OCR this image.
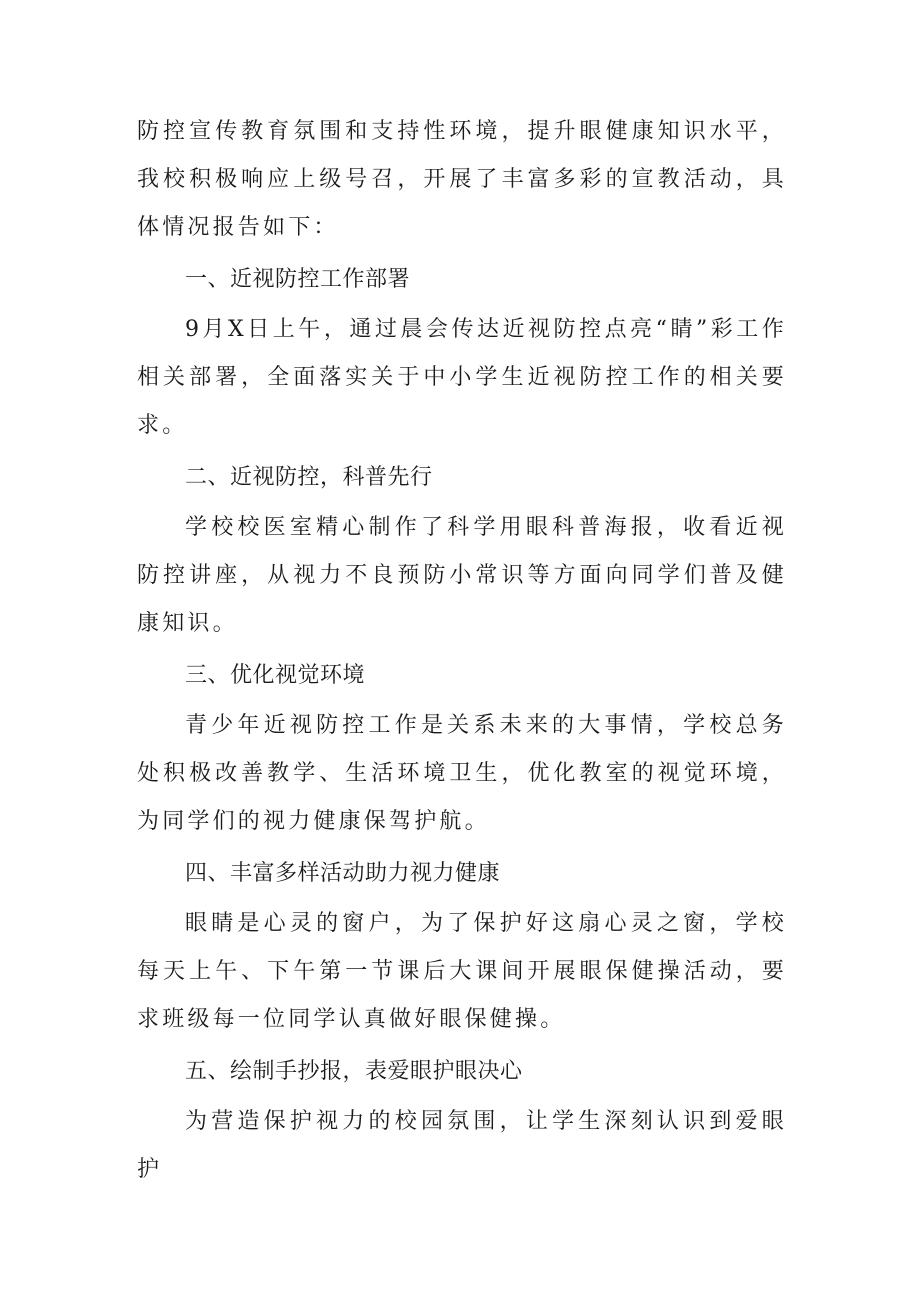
防控宣传教育氛围和支持性环境，提升眼健康知识水平，我校积极响应上级号召，开展了丰富多彩的宣教活动，具体情况报告如下：

一、近视防控工作部署

9月X日上午，通过晨会传达近视防控点亮“睛”彩工作相关部署，全面落实关于中小学生近视防控工作的相关要求。

二、近视防控，科普先行

学校校医室精心制作了科学用眼科普海报，收看近视防控讲座，从视力不良预防小常识等方面向同学们普及健康知识。

三、优化视觉环境

青少年近视防控工作是关系未来的大事情，学校总务处积极改善教学、生活环境卫生，优化教室的视觉环境，为同学们的视力健康保驾护航。

四、丰富多样活动助力视力健康

眼睛是心灵的窗户，为了保护好这扇心灵之窗，学校每天上午、下午第一节课后大课间开展眼保健操活动，要求班级每一位同学认真做好眼保健操。

五、绘制手抄报，表爱眼护眼决心

为营造保护视力的校园氛围，让学生深刻认识到爱眼护
